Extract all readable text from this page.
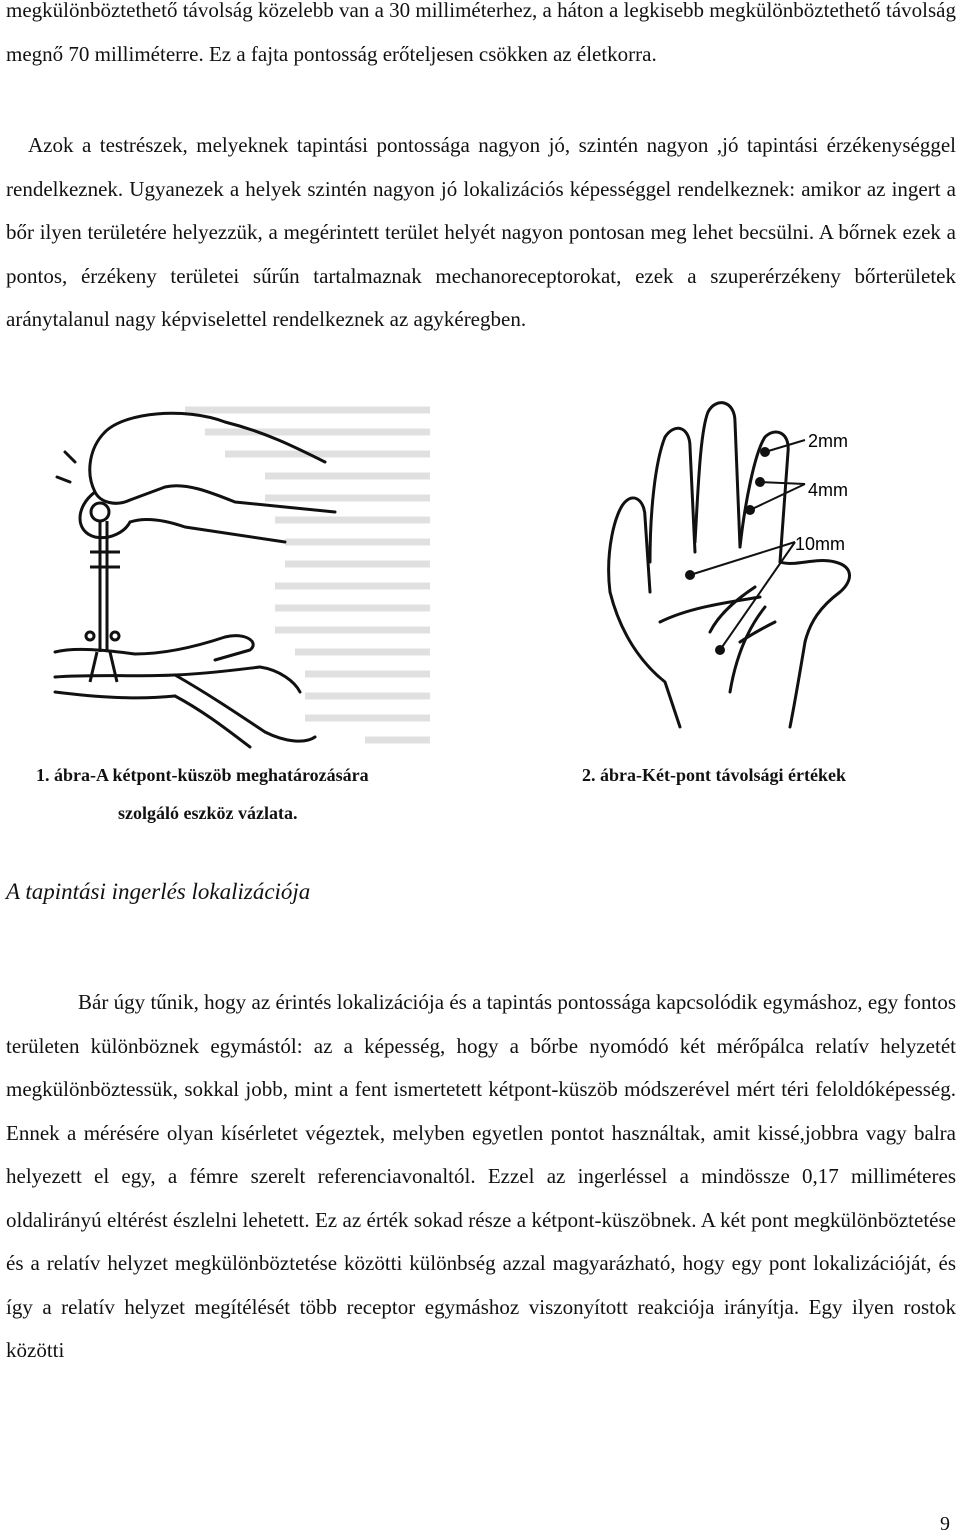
megkülönböztethető távolság közelebb van a 30 milliméterhez, a háton a legkisebb megkülönböztethető távolság megnő 70 milliméterre. Ez a fajta pontosság erőteljesen csökken az életkorra.

Azok a testrészek, melyeknek tapintási pontossága nagyon jó, szintén nagyon ,jó tapintási érzékenységgel rendelkeznek. Ugyanezek a helyek szintén nagyon jó lokalizációs képességgel rendelkeznek: amikor az ingert a bőr ilyen területére helyezzük, a megérintett terület helyét nagyon pontosan meg lehet becsülni. A bőrnek ezek a pontos, érzékeny területei sűrűn tartalmaznak mechanoreceptorokat, ezek a szuperérzékeny bőrterületek aránytalanul nagy képviselettel rendelkeznek az agykéregben.

2mm
4mm
10mm

1. ábra-A kétpont-küszöb meghatározására

szolgáló eszköz vázlata.

2. ábra-Két-pont távolsági értékek

A tapintási ingerlés lokalizációja

Bár úgy tűnik, hogy az érintés lokalizációja és a tapintás pontossága kapcsolódik egymáshoz, egy fontos területen különböznek egymástól: az a képesség, hogy a bőrbe nyomódó két mérőpálca relatív helyzetét megkülönböztessük, sokkal jobb, mint a fent ismertetett kétpont-küszöb módszerével mért téri feloldóképesség. Ennek a mérésére olyan kísérletet végeztek, melyben egyetlen pontot használtak, amit kissé,jobbra vagy balra helyezett el egy, a fémre szerelt referenciavonaltól. Ezzel az ingerléssel a mindössze 0,17 milliméteres oldalirányú eltérést észlelni lehetett. Ez az érték sokad része a kétpont-küszöbnek. A két pont megkülönböztetése és a relatív helyzet megkülönböztetése közötti különbség azzal magyarázható, hogy egy pont lokalizációját, és így a relatív helyzet megítélését több receptor egymáshoz viszonyított reakciója irányítja. Egy ilyen rostok közötti

9
